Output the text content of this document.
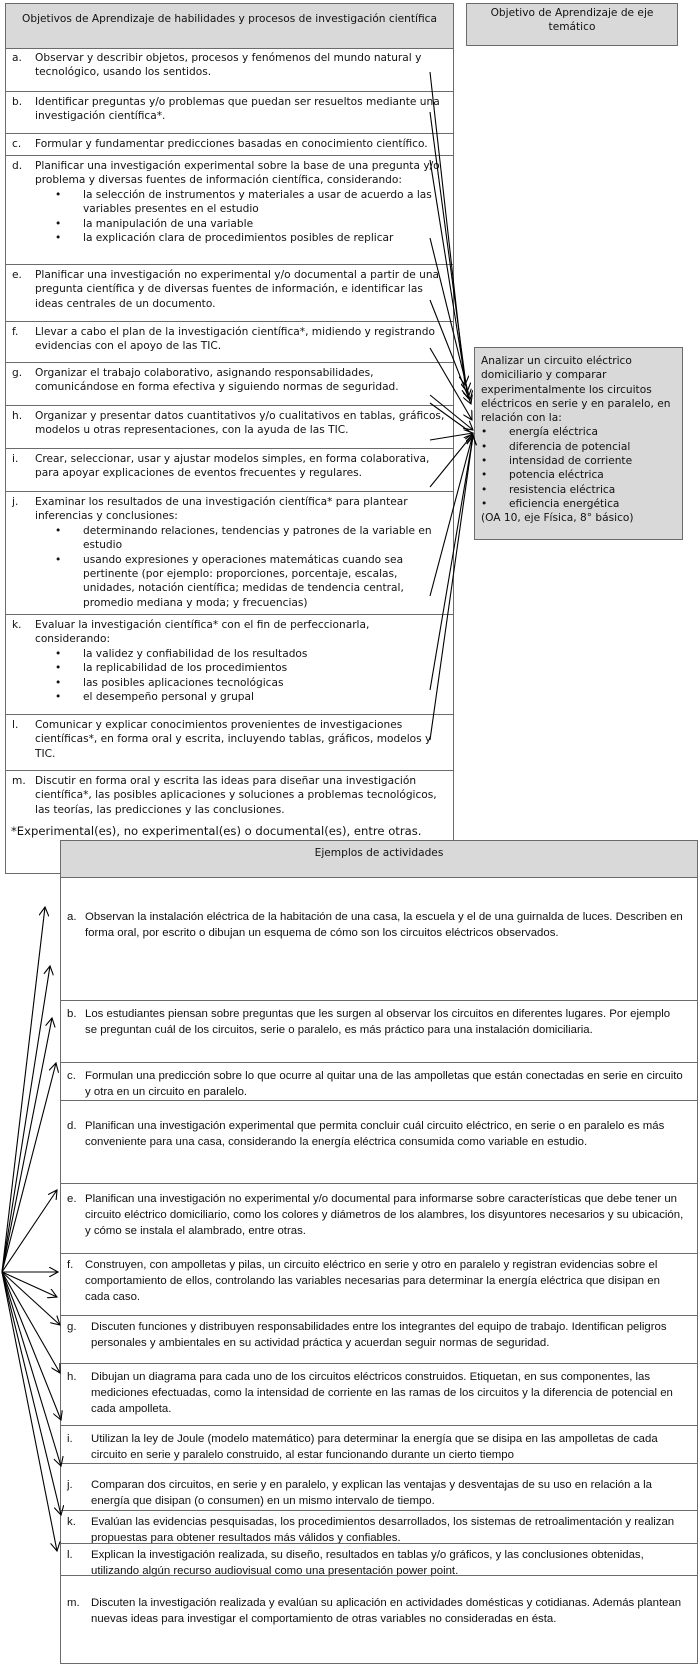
Objetivos de Aprendizaje de habilidades y procesos de investigación científica
a. Observar y describir objetos, procesos y fenómenos del mundo natural y tecnológico, usando los sentidos.
b. Identificar preguntas y/o problemas que puedan ser resueltos mediante una investigación científica*.
c. Formular y fundamentar predicciones basadas en conocimiento científico.
d. Planificar una investigación experimental sobre la base de una pregunta y/o problema y diversas fuentes de información científica, considerando:
• la selección de instrumentos y materiales a usar de acuerdo a las variables presentes en el estudio
• la manipulación de una variable
• la explicación clara de procedimientos posibles de replicar
e. Planificar una investigación no experimental y/o documental a partir de una pregunta científica y de diversas fuentes de información, e identificar las ideas centrales de un documento.
f. Llevar a cabo el plan de la investigación científica*, midiendo y registrando evidencias con el apoyo de las TIC.
g. Organizar el trabajo colaborativo, asignando responsabilidades, comunicándose en forma efectiva y siguiendo normas de seguridad.
h. Organizar y presentar datos cuantitativos y/o cualitativos en tablas, gráficos, modelos u otras representaciones, con la ayuda de las TIC.
i. Crear, seleccionar, usar y ajustar modelos simples, en forma colaborativa, para apoyar explicaciones de eventos frecuentes y regulares.
j. Examinar los resultados de una investigación científica* para plantear inferencias y conclusiones:
• determinando relaciones, tendencias y patrones de la variable en estudio
• usando expresiones y operaciones matemáticas cuando sea pertinente (por ejemplo: proporciones, porcentaje, escalas, unidades, notación científica; medidas de tendencia central, promedio mediana y moda; y frecuencias)
k. Evaluar la investigación científica* con el fin de perfeccionarla, considerando:
• la validez y confiabilidad de los resultados
• la replicabilidad de los procedimientos
• las posibles aplicaciones tecnológicas
• el desempeño personal y grupal
l. Comunicar y explicar conocimientos provenientes de investigaciones científicas*, en forma oral y escrita, incluyendo tablas, gráficos, modelos y TIC.
m. Discutir en forma oral y escrita las ideas para diseñar una investigación científica*, las posibles aplicaciones y soluciones a problemas tecnológicos, las teorías, las predicciones y las conclusiones.
Objetivo de Aprendizaje de eje temático
Analizar un circuito eléctrico domiciliario y comparar experimentalmente los circuitos eléctricos en serie y en paralelo, en relación con la:
• energía eléctrica
• diferencia de potencial
• intensidad de corriente
• potencia eléctrica
• resistencia eléctrica
• eficiencia energética
(OA 10, eje Física, 8° básico)
*Experimental(es), no experimental(es) o documental(es), entre otras.
Ejemplos de actividades
a. Observan la instalación eléctrica de la habitación de una casa, la escuela y el de una guirnalda de luces. Describen en forma oral, por escrito o dibujan un esquema de cómo son los circuitos eléctricos observados.
b. Los estudiantes piensan sobre preguntas que les surgen al observar los circuitos en diferentes lugares. Por ejemplo se preguntan cuál de los circuitos, serie o paralelo, es más práctico para una instalación domiciliaria.
c. Formulan una predicción sobre lo que ocurre al quitar una de las ampolletas que están conectadas en serie en circuito y otra en un circuito en paralelo.
d. Planifican una investigación experimental que permita concluir cuál circuito eléctrico, en serie o en paralelo es más conveniente para una casa, considerando la energía eléctrica consumida como variable en estudio.
e. Planifican una investigación no experimental y/o documental para informarse sobre características que debe tener un circuito eléctrico domiciliario, como los colores y diámetros de los alambres, los disyuntores necesarios y su ubicación, y cómo se instala el alambrado, entre otras.
f. Construyen, con ampolletas y pilas, un circuito eléctrico en serie y otro en paralelo y registran evidencias sobre el comportamiento de ellos, controlando las variables necesarias para determinar la energía eléctrica que disipan en cada caso.
g. Discuten funciones y distribuyen responsabilidades entre los integrantes del equipo de trabajo. Identifican peligros personales y ambientales en su actividad práctica y acuerdan seguir normas de seguridad.
h. Dibujan un diagrama para cada uno de los circuitos eléctricos construidos. Etiquetan, en sus componentes, las mediciones efectuadas, como la intensidad de corriente en las ramas de los circuitos y la diferencia de potencial en cada ampolleta.
i. Utilizan la ley de Joule (modelo matemático) para determinar la energía que se disipa en las ampolletas de cada circuito en serie y paralelo construido, al estar funcionando durante un cierto tiempo
j. Comparan dos circuitos, en serie y en paralelo, y explican las ventajas y desventajas de su uso en relación a la energía que disipan (o consumen) en un mismo intervalo de tiempo.
k. Evalúan las evidencias pesquisadas, los procedimientos desarrollados, los sistemas de retroalimentación y realizan propuestas para obtener resultados más válidos y confiables.
l. Explican la investigación realizada, su diseño, resultados en tablas y/o gráficos, y las conclusiones obtenidas, utilizando algún recurso audiovisual como una presentación power point.
m. Discuten la investigación realizada y evalúan su aplicación en actividades domésticas y cotidianas. Además plantean nuevas ideas para investigar el comportamiento de otras variables no consideradas en ésta.
